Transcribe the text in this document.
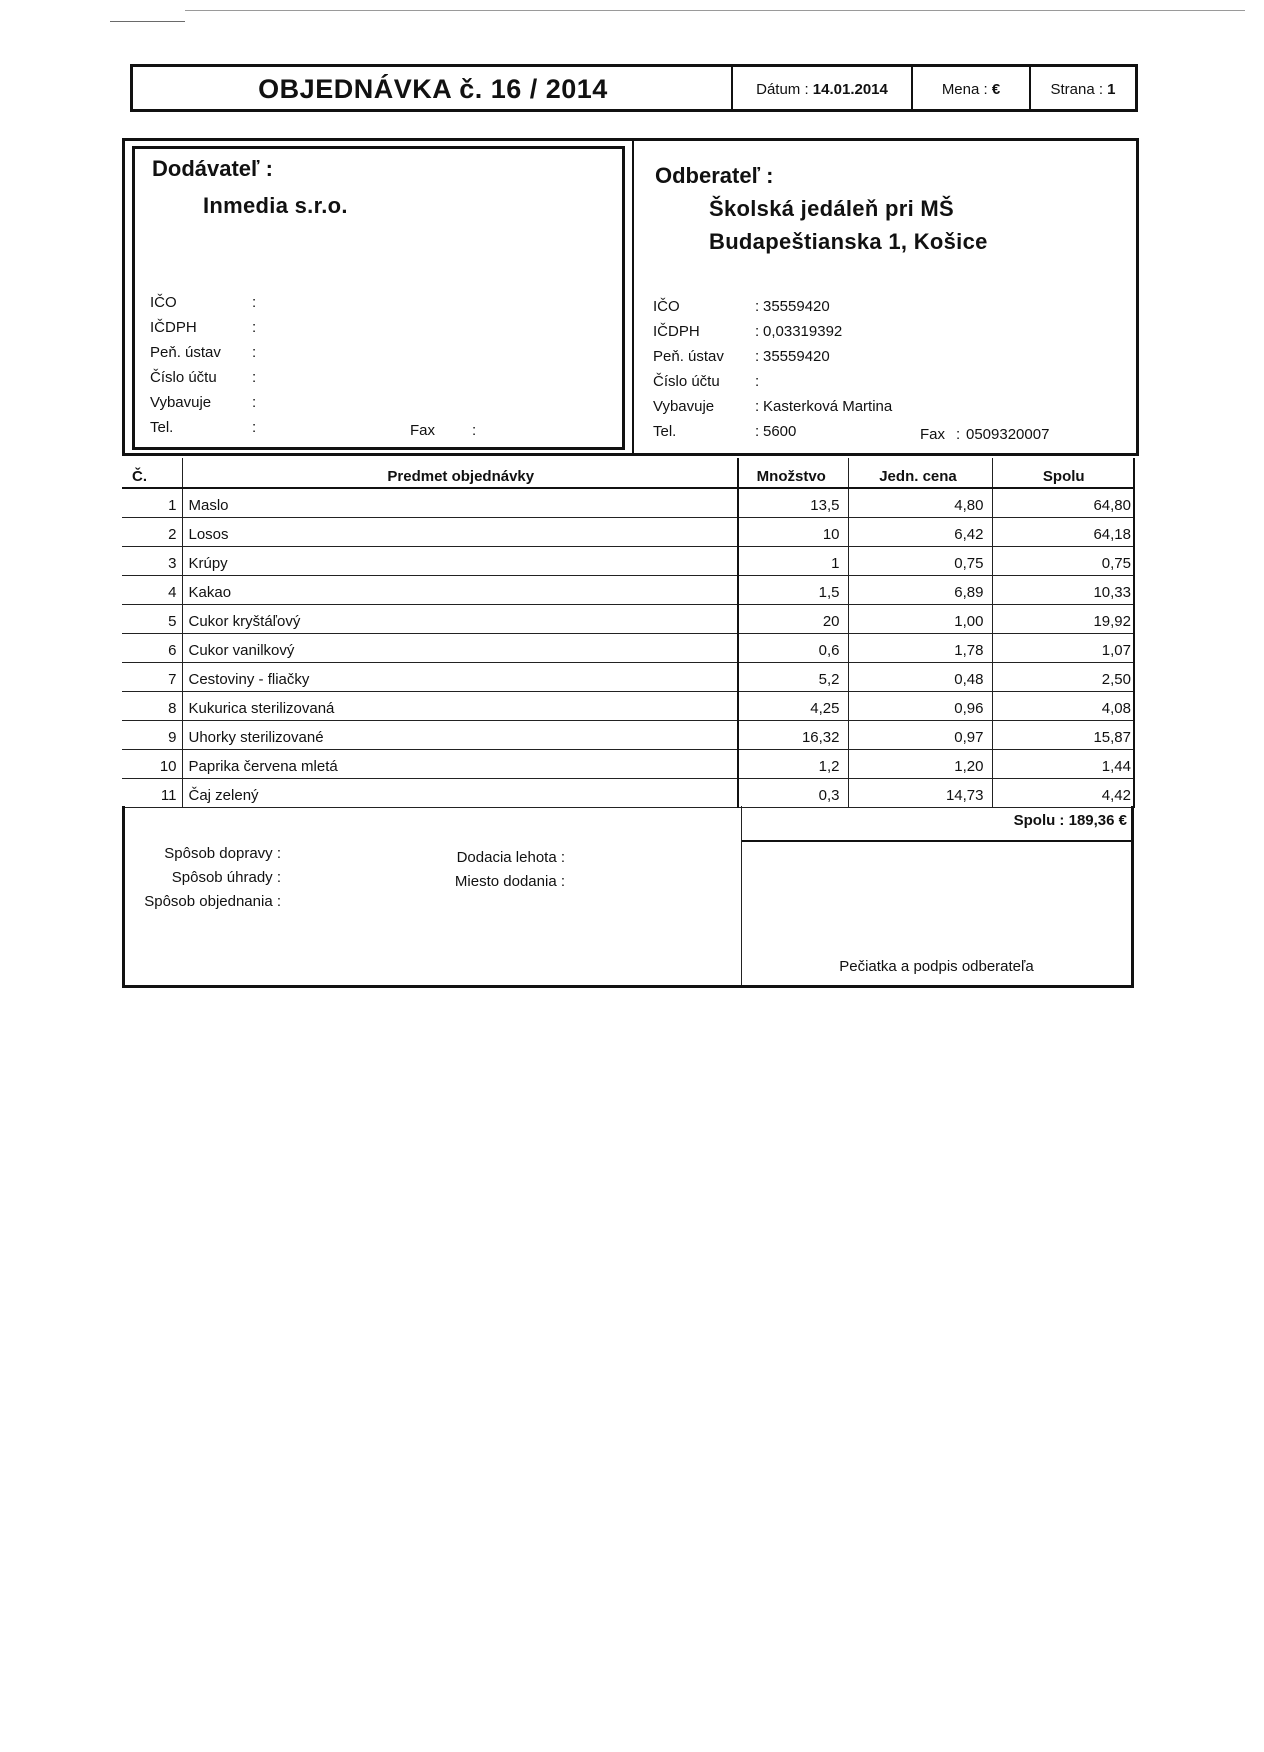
OBJEDNÁVKA č. 16 / 2014	Dátum : 14.01.2014	Mena : €	Strana : 1
Dodávateľ :
Inmedia s.r.o.
IČO	:
IČDPH	:
Peň. ústav :
Číslo účtu :
Vybavuje	:
Tel.	:	Fax :
Odberateľ :
Školská jedáleň pri MŠ
Budapeštianska 1, Košice
IČO	: 35559420
IČDPH	: 0,03319392
Peň. ústav : 35559420
Číslo účtu :
Vybavuje	: Kasterková Martina
Tel.	: 5600	Fax : 0509320007
Č.	Predmet objednávky	Množstvo	Jedn. cena	Spolu
1	Maslo	13,5	4,80	64,80
2	Losos	10	6,42	64,18
3	Krúpy	1	0,75	0,75
4	Kakao	1,5	6,89	10,33
5	Cukor kryštáľový	20	1,00	19,92
6	Cukor vanilkový	0,6	1,78	1,07
7	Cestoviny - fliačky	5,2	0,48	2,50
8	Kukurica sterilizovaná	4,25	0,96	4,08
9	Uhorky sterilizované	16,32	0,97	15,87
10	Paprika červena mletá	1,2	1,20	1,44
11	Čaj zelený	0,3	14,73	4,42
Spolu : 189,36 €
Spôsob dopravy :
Spôsob úhrady :
Spôsob objednania :
Dodacia lehota :
Miesto dodania :
Pečiatka a podpis odberateľa
